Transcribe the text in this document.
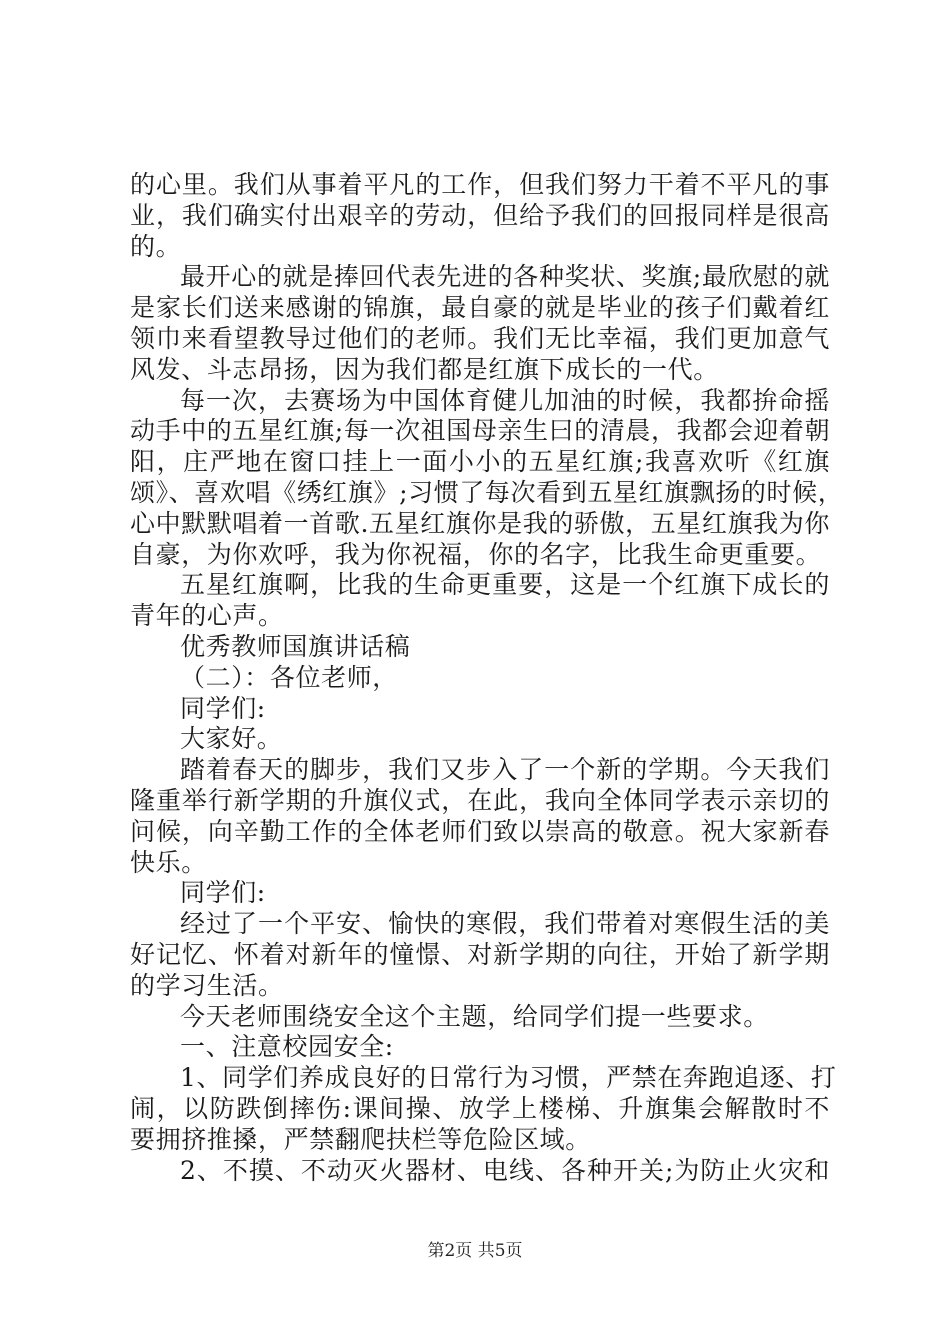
的心里。我们从事着平凡的工作，但我们努力干着不平凡的事
业，我们确实付出艰辛的劳动，但给予我们的回报同样是很高
的。
最开心的就是捧回代表先进的各种奖状、奖旗;最欣慰的就
是家长们送来感谢的锦旗，最自豪的就是毕业的孩子们戴着红
领巾来看望教导过他们的老师。我们无比幸福，我们更加意气
风发、斗志昂扬，因为我们都是红旗下成长的一代。
每一次，去赛场为中国体育健儿加油的时候，我都拚命摇
动手中的五星红旗;每一次祖国母亲生曰的清晨，我都会迎着朝
阳，庄严地在窗口挂上一面小小的五星红旗;我喜欢听《红旗
颂》、喜欢唱《绣红旗》;习惯了每次看到五星红旗飘扬的时候，
心中默默唱着一首歌.五星红旗你是我的骄傲，五星红旗我为你
自豪，为你欢呼，我为你祝福，你的名字，比我生命更重要。
五星红旗啊，比我的生命更重要，这是一个红旗下成长的
青年的心声。
优秀教师国旗讲话稿
（二）：各位老师，
同学们:
大家好。
踏着春天的脚步，我们又步入了一个新的学期。今天我们
隆重举行新学期的升旗仪式，在此，我向全体同学表示亲切的
问候，向辛勤工作的全体老师们致以崇高的敬意。祝大家新春
快乐。
同学们:
经过了一个平安、愉快的寒假，我们带着对寒假生活的美
好记忆、怀着对新年的憧憬、对新学期的向往，开始了新学期
的学习生活。
今天老师围绕安全这个主题，给同学们提一些要求。
一、注意校园安全:
1、同学们养成良好的日常行为习惯，严禁在奔跑追逐、打
闹，以防跌倒摔伤:课间操、放学上楼梯、升旗集会解散时不
要拥挤推搡，严禁翻爬扶栏等危险区域。
2、不摸、不动灭火器材、电线、各种开关;为防止火灾和
第2页 共5页
